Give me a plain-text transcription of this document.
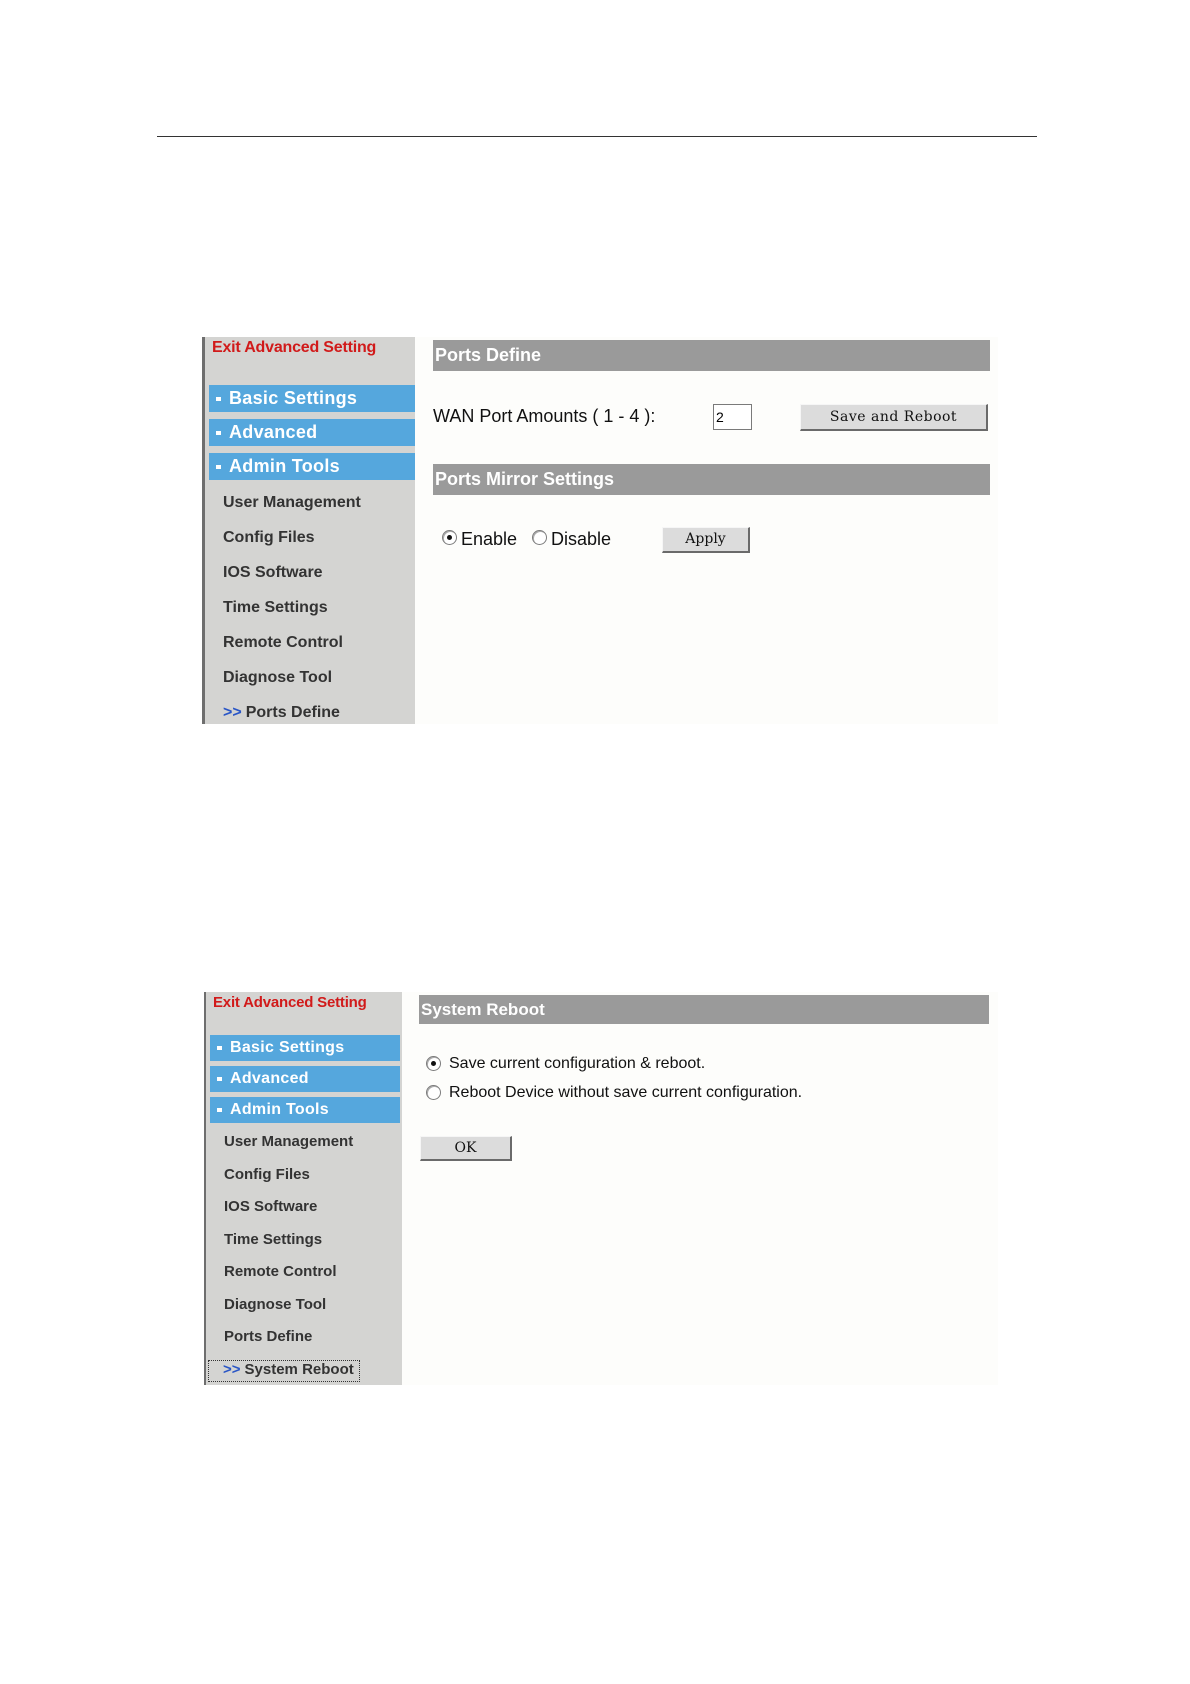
Exit Advanced Setting
Basic Settings
Advanced
Admin Tools
User Management
Config Files
IOS Software
Time Settings
Remote Control
Diagnose Tool
>> Ports Define
Ports Define
WAN Port Amounts ( 1 - 4 ):
2	Save and Reboot
Ports Mirror Settings
Enable Disable	Apply
Exit Advanced Setting
Basic Settings
Advanced
Admin Tools
User Management
Config Files
IOS Software
Time Settings
Remote Control
Diagnose Tool
Ports Define
>> System Reboot
System Reboot
Save current configuration & reboot.
Reboot Device without save current configuration.
OK
